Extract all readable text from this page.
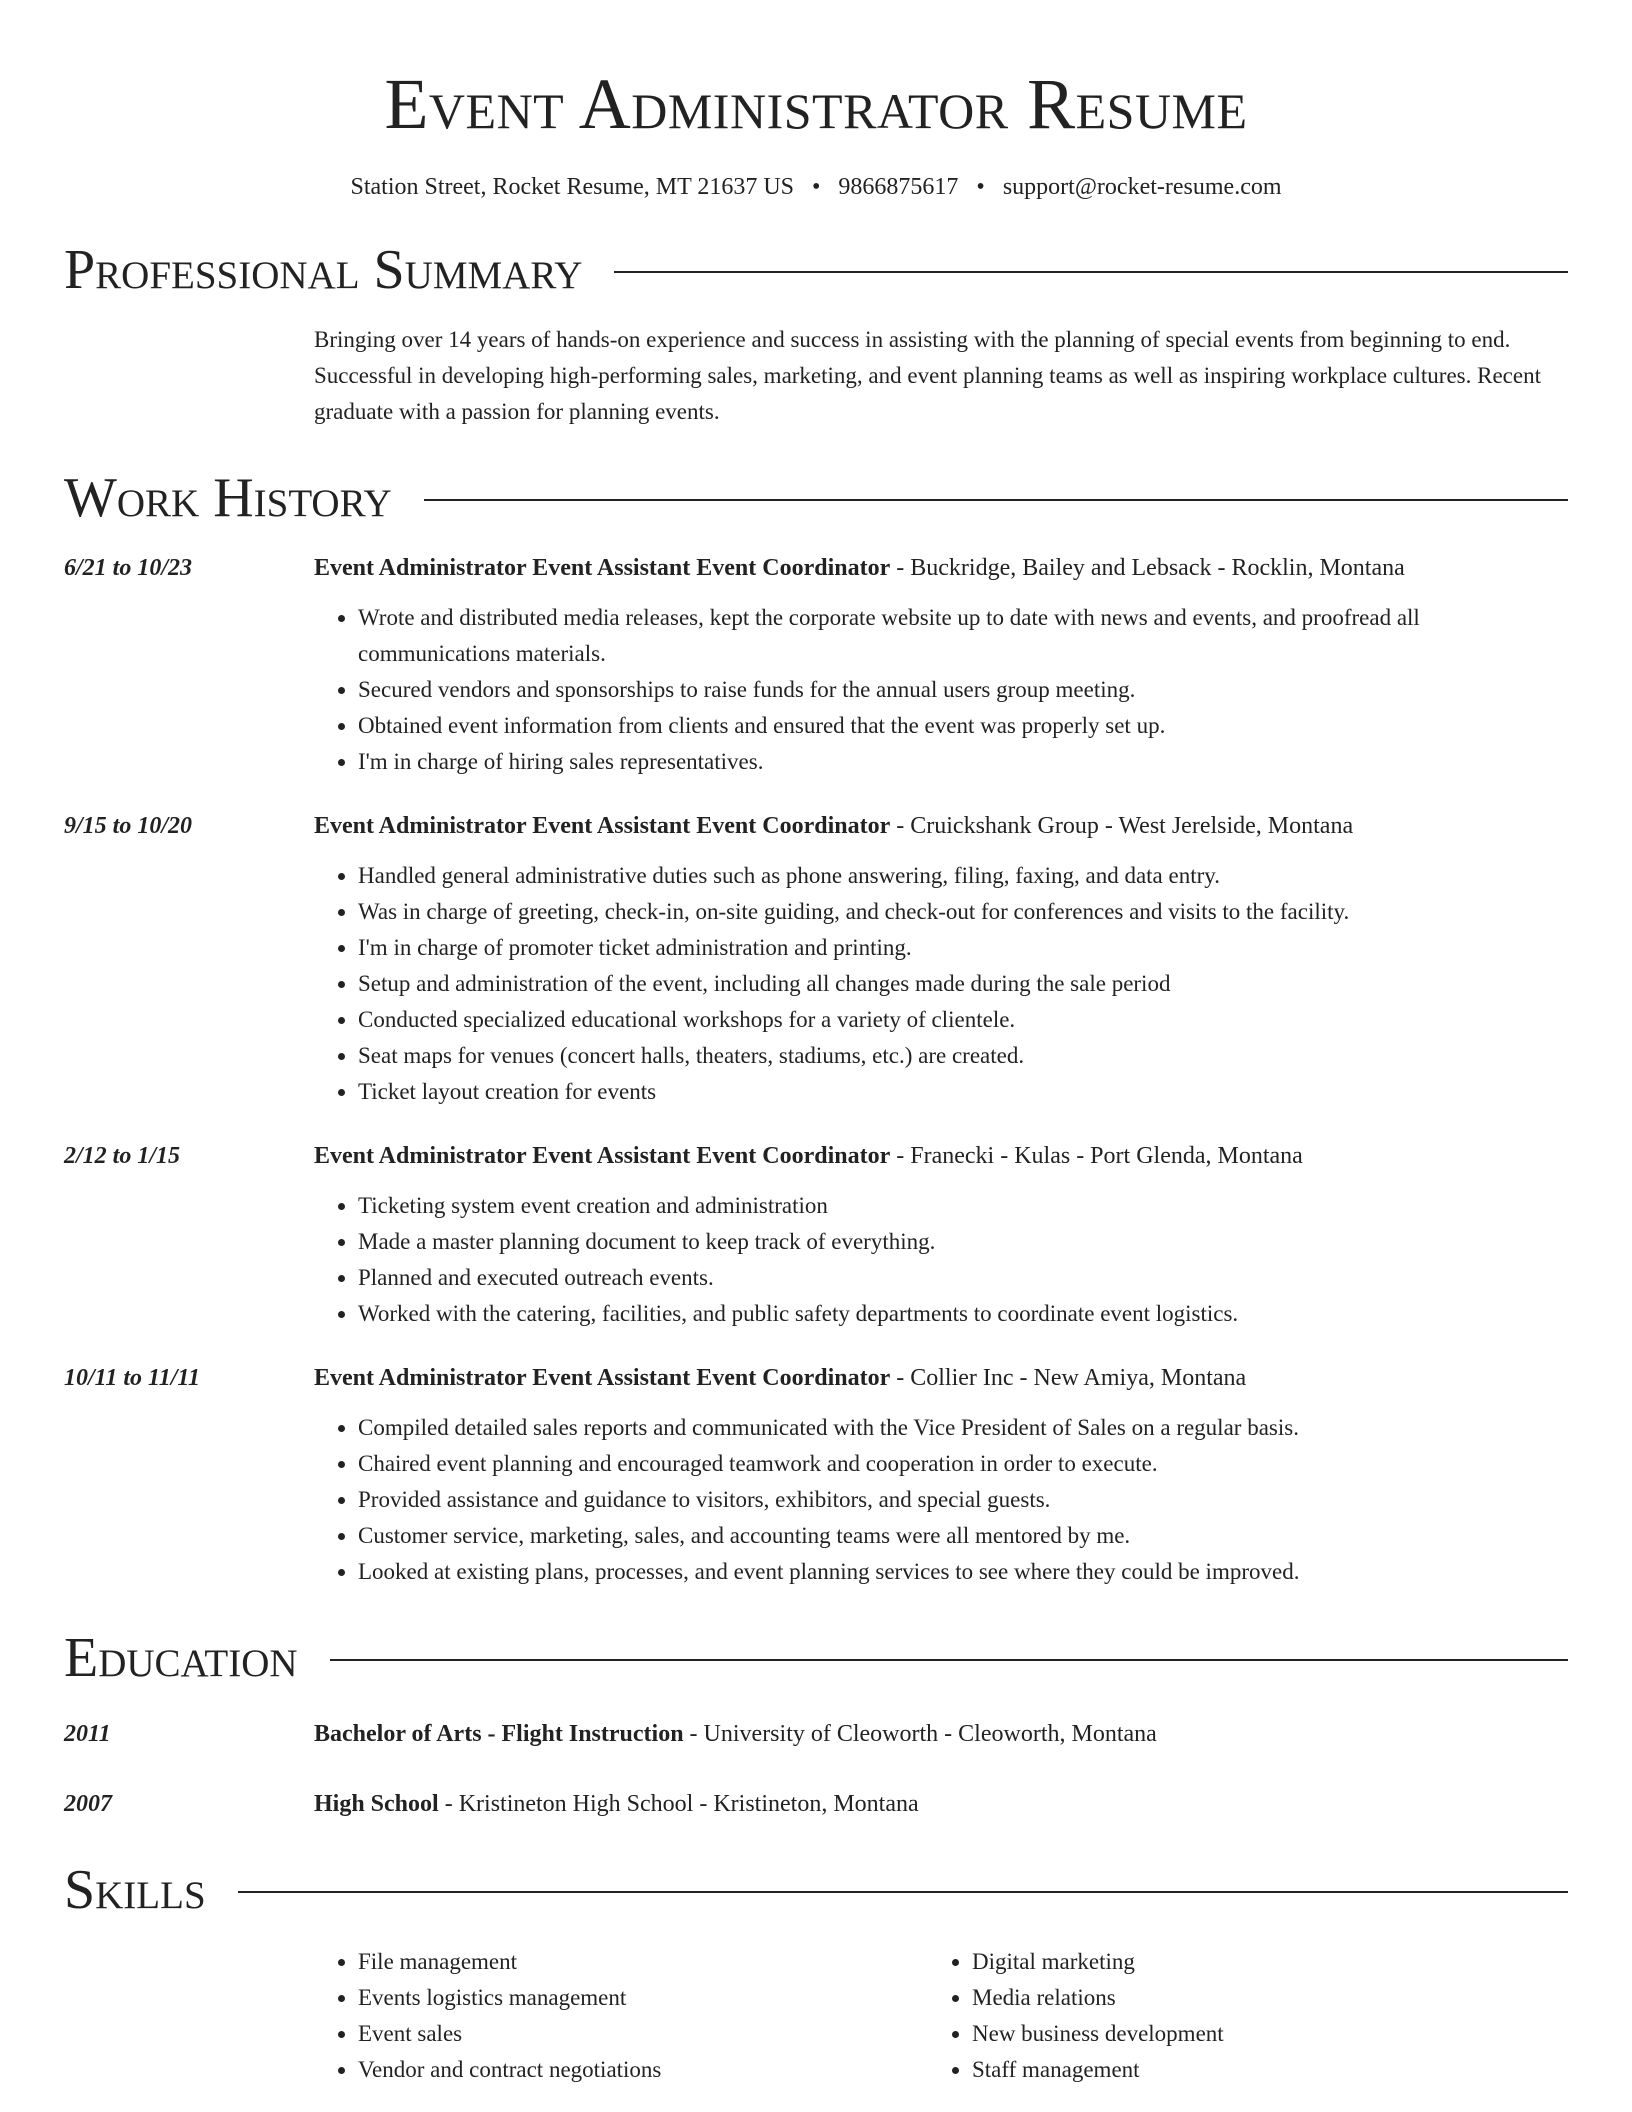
Event Administrator Resume
Station Street, Rocket Resume, MT 21637 US • 9866875617 • support@rocket-resume.com
Professional Summary
Bringing over 14 years of hands-on experience and success in assisting with the planning of special events from beginning to end. Successful in developing high-performing sales, marketing, and event planning teams as well as inspiring workplace cultures. Recent graduate with a passion for planning events.
Work History
6/21 to 10/23	Event Administrator Event Assistant Event Coordinator - Buckridge, Bailey and Lebsack - Rocklin, Montana
• Wrote and distributed media releases, kept the corporate website up to date with news and events, and proofread all communications materials.
• Secured vendors and sponsorships to raise funds for the annual users group meeting.
• Obtained event information from clients and ensured that the event was properly set up.
• I'm in charge of hiring sales representatives.
9/15 to 10/20	Event Administrator Event Assistant Event Coordinator - Cruickshank Group - West Jerelside, Montana
• Handled general administrative duties such as phone answering, filing, faxing, and data entry.
• Was in charge of greeting, check-in, on-site guiding, and check-out for conferences and visits to the facility.
• I'm in charge of promoter ticket administration and printing.
• Setup and administration of the event, including all changes made during the sale period
• Conducted specialized educational workshops for a variety of clientele.
• Seat maps for venues (concert halls, theaters, stadiums, etc.) are created.
• Ticket layout creation for events
2/12 to 1/15	Event Administrator Event Assistant Event Coordinator - Franecki - Kulas - Port Glenda, Montana
• Ticketing system event creation and administration
• Made a master planning document to keep track of everything.
• Planned and executed outreach events.
• Worked with the catering, facilities, and public safety departments to coordinate event logistics.
10/11 to 11/11	Event Administrator Event Assistant Event Coordinator - Collier Inc - New Amiya, Montana
• Compiled detailed sales reports and communicated with the Vice President of Sales on a regular basis.
• Chaired event planning and encouraged teamwork and cooperation in order to execute.
• Provided assistance and guidance to visitors, exhibitors, and special guests.
• Customer service, marketing, sales, and accounting teams were all mentored by me.
• Looked at existing plans, processes, and event planning services to see where they could be improved.
Education
2011	Bachelor of Arts - Flight Instruction - University of Cleoworth - Cleoworth, Montana
2007	High School - Kristineton High School - Kristineton, Montana
Skills
• File management
• Events logistics management
• Event sales
• Vendor and contract negotiations
• Digital marketing
• Media relations
• New business development
• Staff management
